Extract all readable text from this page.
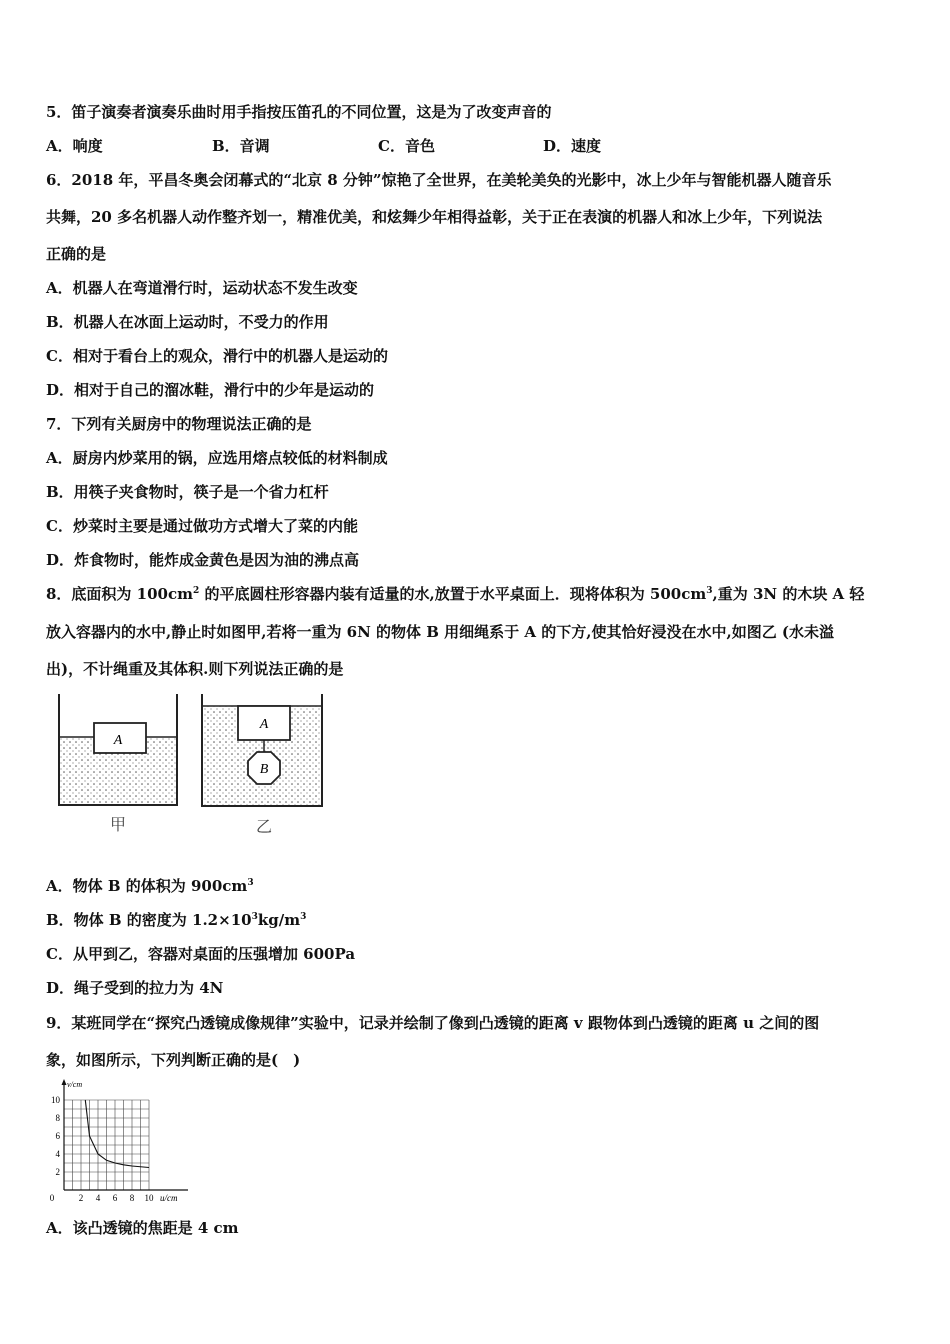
5．笛子演奏者演奏乐曲时用手指按压笛孔的不同位置，这是为了改变声音的
A．响度	B．音调	C．音色	D．速度
6．2018 年，平昌冬奥会闭幕式的“北京 8 分钟”惊艳了全世界，在美轮美奂的光影中，冰上少年与智能机器人随音乐
共舞，20 多名机器人动作整齐划一，精准优美，和炫舞少年相得益彰，关于正在表演的机器人和冰上少年，下列说法
正确的是
A．机器人在弯道滑行时，运动状态不发生改变
B．机器人在冰面上运动时，不受力的作用
C．相对于看台上的观众，滑行中的机器人是运动的
D．相对于自己的溜冰鞋，滑行中的少年是运动的
7．下列有关厨房中的物理说法正确的是
A．厨房内炒菜用的锅，应选用熔点较低的材料制成
B．用筷子夹食物时，筷子是一个省力杠杆
C．炒菜时主要是通过做功方式增大了菜的内能
D．炸食物时，能炸成金黄色是因为油的沸点高
8．底面积为 $100cm^2$ 的平底圆柱形容器内装有适量的水,放置于水平桌面上．现将体积为 $500cm^3$,重为 3N 的木块 A 轻
放入容器内的水中,静止时如图甲,若将一重为 6N 的物体 B 用细绳系于 A 的下方,使其恰好浸没在水中,如图乙 (水未溢
出)，不计绳重及其体积.则下列说法正确的是
A
A
B
甲	乙
A．物体 B 的体积为 $900cm^3$
B．物体 B 的密度为 $1.2\times 10^3kg/m^3$
C．从甲到乙，容器对桌面的压强增加 600Pa
D．绳子受到的拉力为 4N
9．某班同学在“探究凸透镜成像规律”实验中，记录并绘制了像到凸透镜的距离 v 跟物体到凸透镜的距离 u 之间的图
象，如图所示，下列判断正确的是(　)
0	2 4 6 8 10
2
4
6
8
10
u/cm
v/cm
A．该凸透镜的焦距是 4 cm
